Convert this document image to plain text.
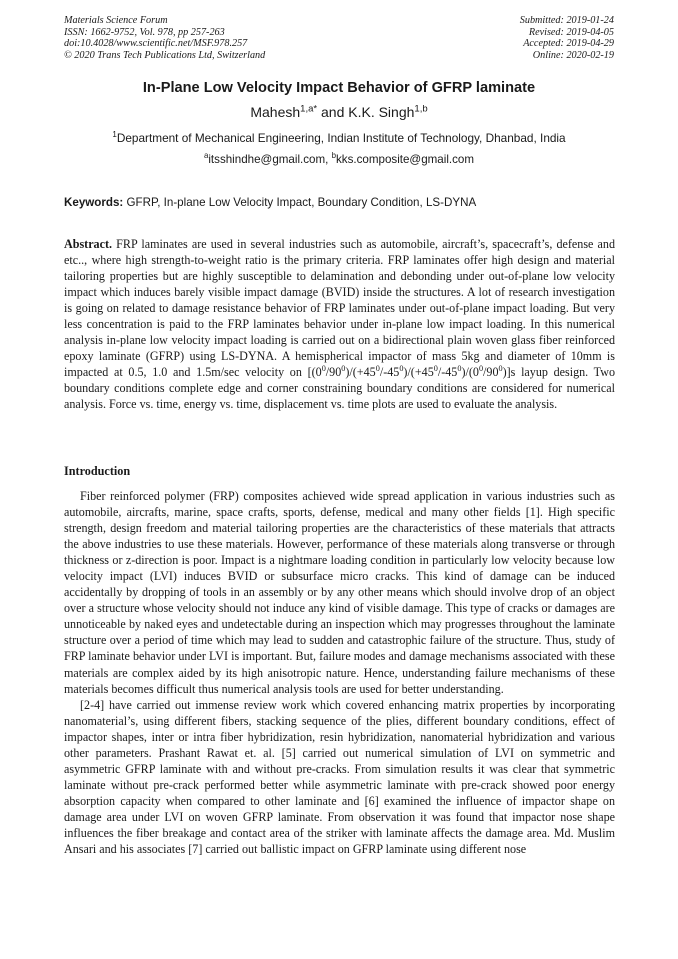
Materials Science Forum
ISSN: 1662-9752, Vol. 978, pp 257-263
doi:10.4028/www.scientific.net/MSF.978.257
© 2020 Trans Tech Publications Ltd, Switzerland
Submitted: 2019-01-24
Revised: 2019-04-05
Accepted: 2019-04-29
Online: 2020-02-19
In-Plane Low Velocity Impact Behavior of GFRP laminate
Mahesh$^{1,a*}$ and K.K. Singh$^{1,b}$
$^1$Department of Mechanical Engineering, Indian Institute of Technology, Dhanbad, India
$^a$itsshindhe@gmail.com, $^b$kks.composite@gmail.com
Keywords: GFRP, In-plane Low Velocity Impact, Boundary Condition, LS-DYNA
Abstract. FRP laminates are used in several industries such as automobile, aircraft’s, spacecraft’s, defense and etc.., where high strength-to-weight ratio is the primary criteria. FRP laminates offer high design and material tailoring properties but are highly susceptible to delamination and debonding under out-of-plane low velocity impact which induces barely visible impact damage (BVID) inside the structures. A lot of research investigation is going on related to damage resistance behavior of FRP laminates under out-of-plane impact loading. But very less concentration is paid to the FRP laminates behavior under in-plane low impact loading. In this numerical analysis in-plane low velocity impact loading is carried out on a bidirectional plain woven glass fiber reinforced epoxy laminate (GFRP) using LS-DYNA. A hemispherical impactor of mass 5kg and diameter of 10mm is impacted at 0.5, 1.0 and 1.5m/sec velocity on $[(0^0/90^0)/(+45^0/-45^0)/(+45^0/-45^0)/(0^0/90^0)]s$ layup design. Two boundary conditions complete edge and corner constraining boundary conditions are considered for numerical analysis. Force vs. time, energy vs. time, displacement vs. time plots are used to evaluate the analysis.
Introduction

Fiber reinforced polymer (FRP) composites achieved wide spread application in various industries such as automobile, aircrafts, marine, space crafts, sports, defense, medical and many other fields [1]. High specific strength, design freedom and material tailoring properties are the characteristics of these materials that attracts the above industries to use these materials. However, performance of these materials along transverse or through thickness or z-direction is poor. Impact is a nightmare loading condition in particularly low velocity because low velocity impact (LVI) induces BVID or subsurface micro cracks. This kind of damage can be induced accidentally by dropping of tools in an assembly or by any other means which should involve drop of an object over a structure whose velocity should not induce any kind of visible damage. This type of cracks or damages are unnoticeable by naked eyes and undetectable during an inspection which may progresses throughout the laminate structure over a period of time which may lead to sudden and catastrophic failure of the structure. Thus, study of FRP laminate behavior under LVI is important. But, failure modes and damage mechanisms associated with these materials are complex aided by its high anisotropic nature. Hence, understanding failure mechanisms of these materials becomes difficult thus numerical analysis tools are used for better understanding.

[2-4] have carried out immense review work which covered enhancing matrix properties by incorporating nanomaterial’s, using different fibers, stacking sequence of the plies, different boundary conditions, effect of impactor shapes, inter or intra fiber hybridization, resin hybridization, nanomaterial hybridization and various other parameters. Prashant Rawat et. al. [5] carried out numerical simulation of LVI on symmetric and asymmetric GFRP laminate with and without pre-cracks. From simulation results it was clear that symmetric laminate without pre-crack performed better while asymmetric laminate with pre-crack showed poor energy absorption capacity when compared to other laminate and [6] examined the influence of impactor shape on damage area under LVI on woven GFRP laminate. From observation it was found that impactor nose shape influences the fiber breakage and contact area of the striker with laminate affects the damage area. Md. Muslim Ansari and his associates [7] carried out ballistic impact on GFRP laminate using different nose
